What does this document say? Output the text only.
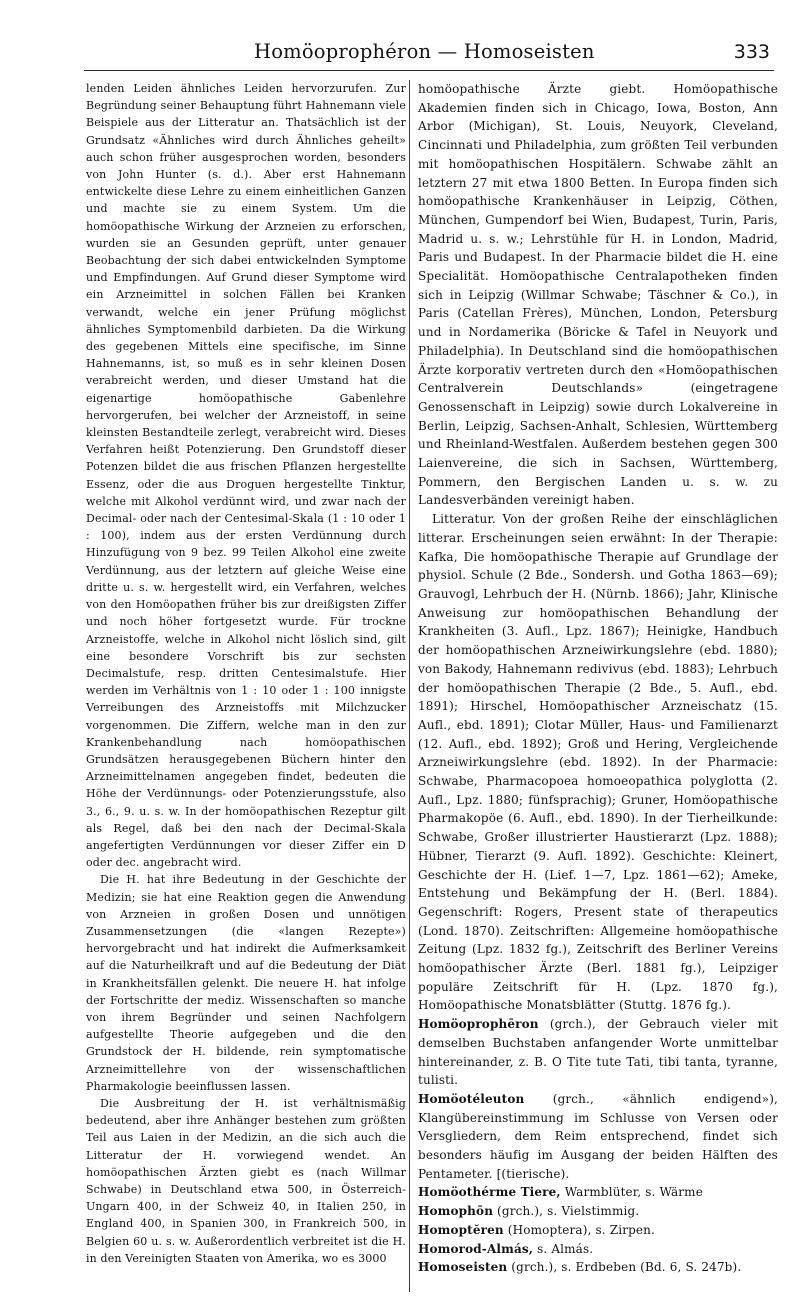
Homöoprophéron — Homoseisten	333

lenden Leiden ähnliches Leiden hervorzurufen. Zur Begründung seiner Behauptung führt Hahnemann viele Beispiele aus der Litteratur an. Thatsächlich ist der Grundsatz «Ähnliches wird durch Ähnliches geheilt» auch schon früher ausgesprochen worden, besonders von John Hunter (s. d.). Aber erst Hahnemann entwickelte diese Lehre zu einem einheitlichen Ganzen und machte sie zu einem System. Um die homöopathische Wirkung der Arzneien zu erforschen, wurden sie an Gesunden geprüft, unter genauer Beobachtung der sich dabei entwickelnden Symptome und Empfindungen. Auf Grund dieser Symptome wird ein Arzneimittel in solchen Fällen bei Kranken verwandt, welche ein jener Prüfung möglichst ähnliches Symptomenbild darbieten. Da die Wirkung des gegebenen Mittels eine specifische, im Sinne Hahnemanns, ist, so muß es in sehr kleinen Dosen verabreicht werden, und dieser Umstand hat die eigenartige homöopathische Gabenlehre hervorgerufen, bei welcher der Arzneistoff, in seine kleinsten Bestandteile zerlegt, verabreicht wird. Dieses Verfahren heißt Potenzierung. Den Grundstoff dieser Potenzen bildet die aus frischen Pflanzen hergestellte Essenz, oder die aus Droguen hergestellte Tinktur, welche mit Alkohol verdünnt wird, und zwar nach der Decimal- oder nach der Centesimal-Skala (1 : 10 oder 1 : 100), indem aus der ersten Verdünnung durch Hinzufügung von 9 bez. 99 Teilen Alkohol eine zweite Verdünnung, aus der letztern auf gleiche Weise eine dritte u. s. w. hergestellt wird, ein Verfahren, welches von den Homöopathen früher bis zur dreißigsten Ziffer und noch höher fortgesetzt wurde. Für trockne Arzneistoffe, welche in Alkohol nicht löslich sind, gilt eine besondere Vorschrift bis zur sechsten Decimalstufe, resp. dritten Centesimalstufe. Hier werden im Verhältnis von 1 : 10 oder 1 : 100 innigste Verreibungen des Arzneistoffs mit Milchzucker vorgenommen. Die Ziffern, welche man in den zur Krankenbehandlung nach homöopathischen Grundsätzen herausgegebenen Büchern hinter den Arzneimittelnamen angegeben findet, bedeuten die Höhe der Verdünnungs- oder Potenzierungsstufe, also 3., 6., 9. u. s. w. In der homöopathischen Rezeptur gilt als Regel, daß bei den nach der Decimal-Skala angefertigten Verdünnungen vor dieser Ziffer ein D oder dec. angebracht wird.

Die H. hat ihre Bedeutung in der Geschichte der Medizin; sie hat eine Reaktion gegen die Anwendung von Arzneien in großen Dosen und unnötigen Zusammensetzungen (die «langen Rezepte») hervorgebracht und hat indirekt die Aufmerksamkeit auf die Naturheilkraft und auf die Bedeutung der Diät in Krankheitsfällen gelenkt. Die neuere H. hat infolge der Fortschritte der mediz. Wissenschaften so manche von ihrem Begründer und seinen Nachfolgern aufgestellte Theorie aufgegeben und die den Grundstock der H. bildende, rein symptomatische Arzneimittellehre von der wissenschaftlichen Pharmakologie beeinflussen lassen.

Die Ausbreitung der H. ist verhältnismäßig bedeutend, aber ihre Anhänger bestehen zum größten Teil aus Laien in der Medizin, an die sich auch die Litteratur der H. vorwiegend wendet. An homöopathischen Ärzten giebt es (nach Willmar Schwabe) in Deutschland etwa 500, in Österreich-Ungarn 400, in der Schweiz 40, in Italien 250, in England 400, in Spanien 300, in Frankreich 500, in Belgien 60 u. s. w. Außerordentlich verbreitet ist die H. in den Vereinigten Staaten von Amerika, wo es 3000

homöopathische Ärzte giebt. Homöopathische Akademien finden sich in Chicago, Iowa, Boston, Ann Arbor (Michigan), St. Louis, Neuyork, Cleveland, Cincinnati und Philadelphia, zum größten Teil verbunden mit homöopathischen Hospitälern. Schwabe zählt an letztern 27 mit etwa 1800 Betten. In Europa finden sich homöopathische Krankenhäuser in Leipzig, Cöthen, München, Gumpendorf bei Wien, Budapest, Turin, Paris, Madrid u. s. w.; Lehrstühle für H. in London, Madrid, Paris und Budapest. In der Pharmacie bildet die H. eine Specialität. Homöopathische Centralapotheken finden sich in Leipzig (Willmar Schwabe; Täschner & Co.), in Paris (Catellan Frères), München, London, Petersburg und in Nordamerika (Böricke & Tafel in Neuyork und Philadelphia). In Deutschland sind die homöopathischen Ärzte korporativ vertreten durch den «Homöopathischen Centralverein Deutschlands» (eingetragene Genossenschaft in Leipzig) sowie durch Lokalvereine in Berlin, Leipzig, Sachsen-Anhalt, Schlesien, Württemberg und Rheinland-Westfalen. Außerdem bestehen gegen 300 Laienvereine, die sich in Sachsen, Württemberg, Pommern, den Bergischen Landen u. s. w. zu Landesverbänden vereinigt haben.

Litteratur. Von der großen Reihe der einschläglichen litterar. Erscheinungen seien erwähnt: In der Therapie: Kafka, Die homöopathische Therapie auf Grundlage der physiol. Schule (2 Bde., Sondersh. und Gotha 1863—69); Grauvogl, Lehrbuch der H. (Nürnb. 1866); Jahr, Klinische Anweisung zur homöopathischen Behandlung der Krankheiten (3. Aufl., Lpz. 1867); Heinigke, Handbuch der homöopathischen Arzneiwirkungslehre (ebd. 1880); von Bakody, Hahnemann redivivus (ebd. 1883); Lehrbuch der homöopathischen Therapie (2 Bde., 5. Aufl., ebd. 1891); Hirschel, Homöopathischer Arzneischatz (15. Aufl., ebd. 1891); Clotar Müller, Haus- und Familienarzt (12. Aufl., ebd. 1892); Groß und Hering, Vergleichende Arzneiwirkungslehre (ebd. 1892). In der Pharmacie: Schwabe, Pharmacopoea homoeopathica polyglotta (2. Aufl., Lpz. 1880; fünfsprachig); Gruner, Homöopathische Pharmakopöe (6. Aufl., ebd. 1890). In der Tierheilkunde: Schwabe, Großer illustrierter Haustierarzt (Lpz. 1888); Hübner, Tierarzt (9. Aufl. 1892). Geschichte: Kleinert, Geschichte der H. (Lief. 1—7, Lpz. 1861—62); Ameke, Entstehung und Bekämpfung der H. (Berl. 1884). Gegenschrift: Rogers, Present state of therapeutics (Lond. 1870). Zeitschriften: Allgemeine homöopathische Zeitung (Lpz. 1832 fg.), Zeitschrift des Berliner Vereins homöopathischer Ärzte (Berl. 1881 fg.), Leipziger populäre Zeitschrift für H. (Lpz. 1870 fg.), Homöopathische Monatsblätter (Stuttg. 1876 fg.).

Homöoprophēron (grch.), der Gebrauch vieler mit demselben Buchstaben anfangender Worte unmittelbar hintereinander, z. B. O Tite tute Tati, tibi tanta, tyranne, tulisti.

Homöotéleuton (grch., «ähnlich endigend»), Klangübereinstimmung im Schlusse von Versen oder Versgliedern, dem Reim entsprechend, findet sich besonders häufig im Ausgang der beiden Hälften des Pentameter. [(tierische).

Homöothérme Tiere, Warmblüter, s. Wärme

Homophōn (grch.), s. Vielstimmig.

Homoptĕren (Homoptera), s. Zirpen.

Homorod-Almás, s. Almás.

Homoseisten (grch.), s. Erdbeben (Bd. 6, S. 247b).
